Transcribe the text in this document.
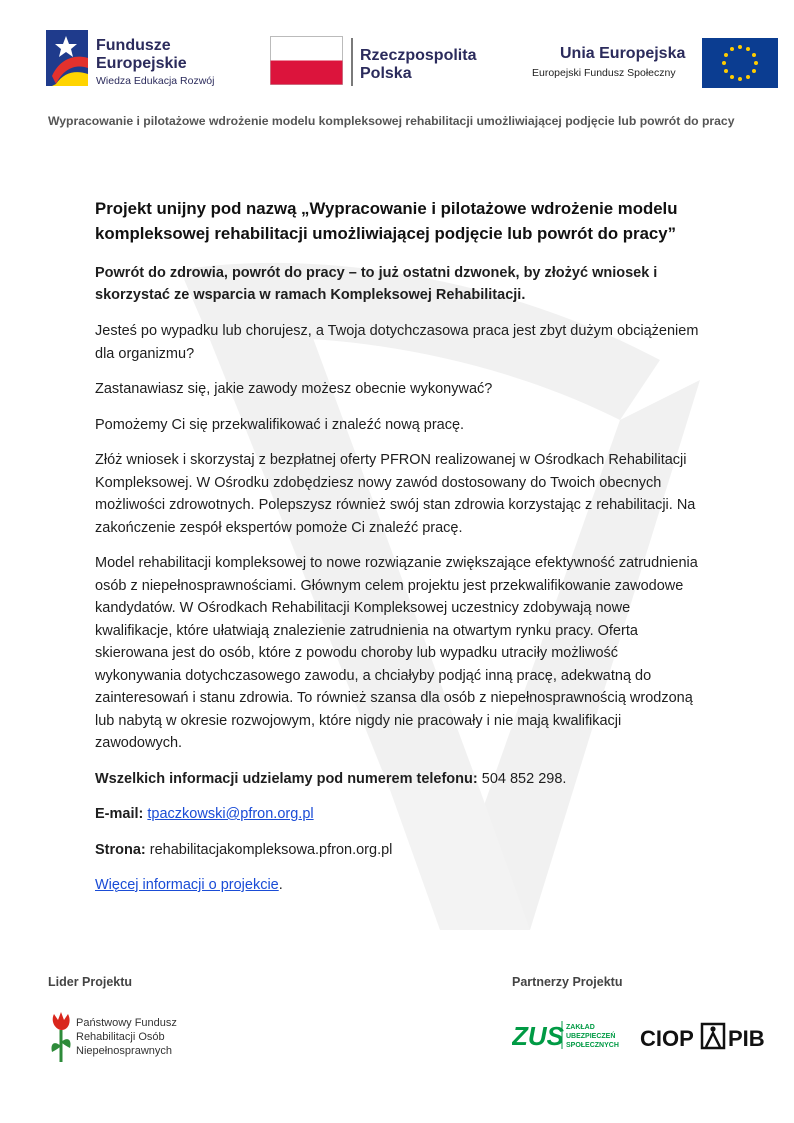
Fundusze
Europejskie
Wiedza Edukacja Rozwój
Rzeczpospolita
Polska
Unia Europejska
Europejski Fundusz Społeczny
Wypracowanie i pilotażowe wdrożenie modelu kompleksowej rehabilitacji umożliwiającej podjęcie lub powrót do pracy
Projekt unijny pod nazwą „Wypracowanie i pilotażowe wdrożenie modelu kompleksowej rehabilitacji umożliwiającej podjęcie lub powrót do pracy”

Powrót do zdrowia, powrót do pracy – to już ostatni dzwonek, by złożyć wniosek i skorzystać ze wsparcia w ramach Kompleksowej Rehabilitacji.

Jesteś po wypadku lub chorujesz, a Twoja dotychczasowa praca jest zbyt dużym obciążeniem dla organizmu?

Zastanawiasz się, jakie zawody możesz obecnie wykonywać?

Pomożemy Ci się przekwalifikować i znaleźć nową pracę.

Złóż wniosek i skorzystaj z bezpłatnej oferty PFRON realizowanej w Ośrodkach Rehabilitacji Kompleksowej. W Ośrodku zdobędziesz nowy zawód dostosowany do Twoich obecnych możliwości zdrowotnych. Polepszysz również swój stan zdrowia korzystając z rehabilitacji. Na zakończenie zespół ekspertów pomoże Ci znaleźć pracę.

Model rehabilitacji kompleksowej to nowe rozwiązanie zwiększające efektywność zatrudnienia osób z niepełnosprawnościami. Głównym celem projektu jest przekwalifikowanie zawodowe kandydatów. W Ośrodkach Rehabilitacji Kompleksowej uczestnicy zdobywają nowe kwalifikacje, które ułatwiają znalezienie zatrudnienia na otwartym rynku pracy. Oferta skierowana jest do osób, które z powodu choroby lub wypadku utraciły możliwość wykonywania dotychczasowego zawodu, a chciałyby podjąć inną pracę, adekwatną do zainteresowań i stanu zdrowia. To również szansa dla osób z niepełnosprawnością wrodzoną lub nabytą w okresie rozwojowym, które nigdy nie pracowały i nie mają kwalifikacji zawodowych.

Wszelkich informacji udzielamy pod numerem telefonu: 504 852 298.

E-mail: tpaczkowski@pfron.org.pl

Strona: rehabilitacjakompleksowa.pfron.org.pl

Więcej informacji o projekcie.

Lider Projektu	Partnerzy Projektu
Państwowy Fundusz
Rehabilitacji Osób
Niepełnosprawnych	ZUS ZAKŁAD
UBEZPIECZEŃ
SPOŁECZNYCH CIOP PIB
